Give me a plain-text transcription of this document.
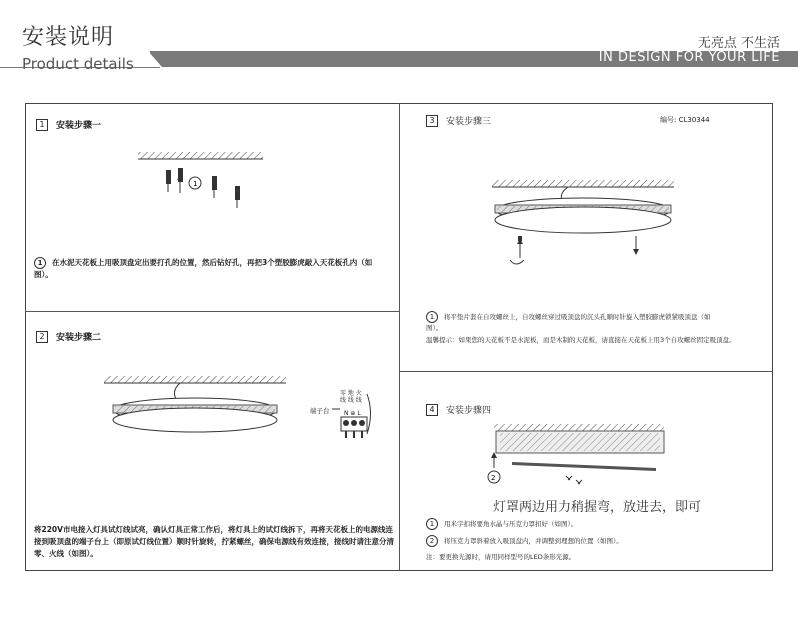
安装说明
Product details
无亮点 不生活
IN DESIGN FOR YOUR LIFE
1	安装步骤一
1
1 在水泥天花板上用吸顶盘定出要打孔的位置，然后钻好孔，再把3个塑胶膨虎敲入天花板孔内（如图）。
2	安装步骤二
零 地 火
线 线 线
端子台 N ⊕ L
将220V市电接入灯具试灯线试亮，确认灯具正常工作后，将灯具上的试灯线拆下，再将天花板上的电源线连接到吸顶盘的端子台上（即原试灯线位置）顺时针旋转，拧紧螺丝，确保电源线有效连接，接线时请注意分清零、火线（如图）。
3	安装步骤三	编号: CL30344
1 将平垫片套在自攻螺丝上，自攻螺丝穿过吸顶盘的沉头孔顺时针旋入塑胶膨虎锁紧吸顶盘（如图）。
温馨提示：如果您的天花板不是水泥板，而是木制的天花板，请直接在天花板上用3个自攻螺丝固定吸顶盘。
4	安装步骤四
2
灯罩两边用力稍握弯，放进去，即可
1 用米字扣将要角水晶与压克力罩扣好（如图）。
2 将压克力罩斜着放入吸顶盘内，并调整到理想的位置（如图）。
注：要更换光源时，请用同样型号的LED条形光源。
